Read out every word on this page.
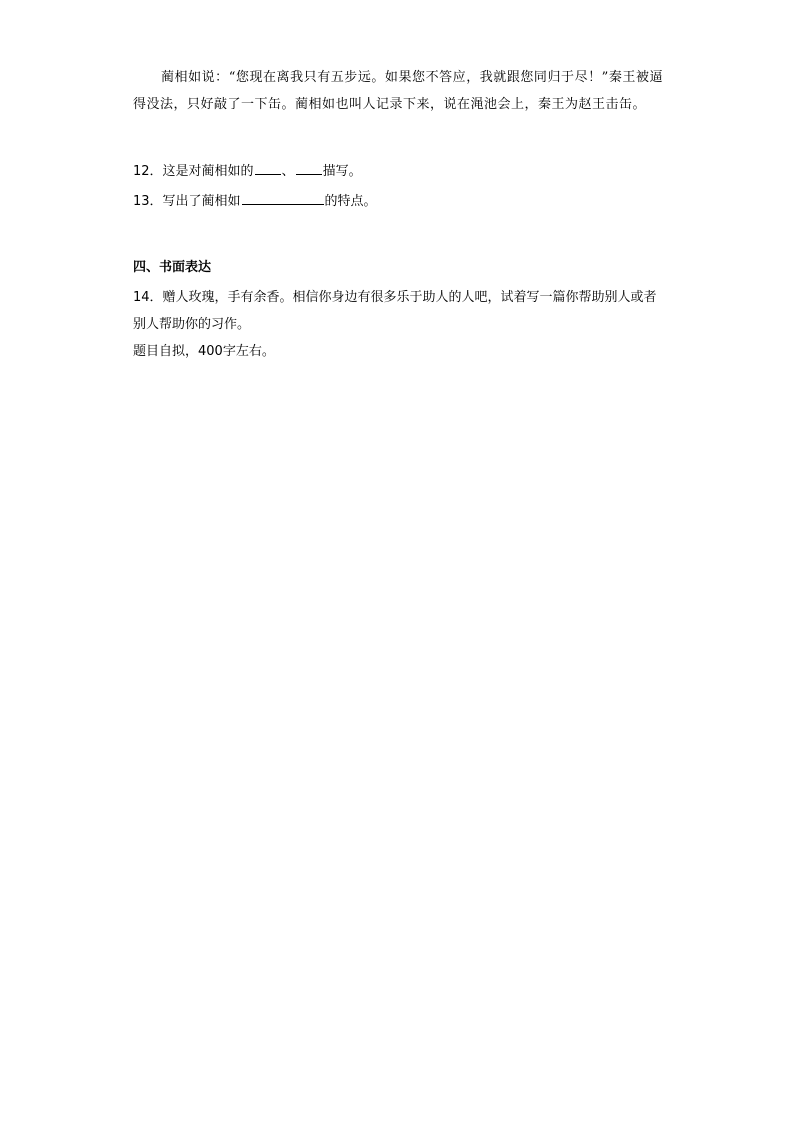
蔺相如说：“您现在离我只有五步远。如果您不答应，我就跟您同归于尽！”秦王被逼得没法，只好敲了一下缶。蔺相如也叫人记录下来，说在渑池会上，秦王为赵王击缶。
12．这是对蔺相如的 、 描写。
13．写出了蔺相如	的特点。
四、书面表达

14．赠人玫瑰，手有余香。相信你身边有很多乐于助人的人吧，试着写一篇你帮助别人或者别人帮助你的习作。

题目自拟，400字左右。
